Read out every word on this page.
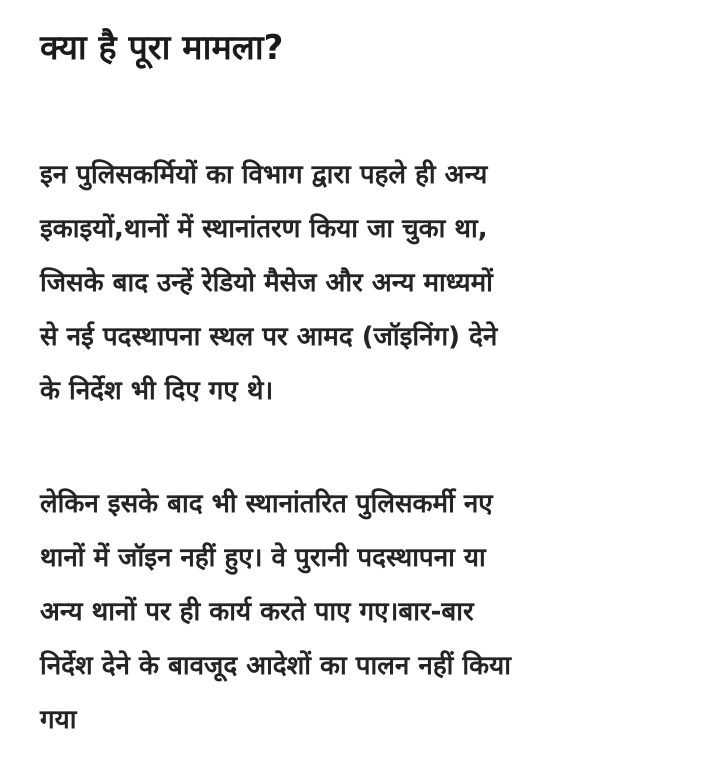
क्या है पूरा मामला?

इन पुलिसकर्मियों का विभाग द्वारा पहले ही अन्य
इकाइयों,थानों में स्थानांतरण किया जा चुका था,
जिसके बाद उन्हें रेडियो मैसेज और अन्य माध्यमों
से नई पदस्थापना स्थल पर आमद (जॉइनिंग) देने
के निर्देश भी दिए गए थे।

लेकिन इसके बाद भी स्थानांतरित पुलिसकर्मी नए
थानों में जॉइन नहीं हुए। वे पुरानी पदस्थापना या
अन्य थानों पर ही कार्य करते पाए गए।बार-बार
निर्देश देने के बावजूद आदेशों का पालन नहीं किया
गया
